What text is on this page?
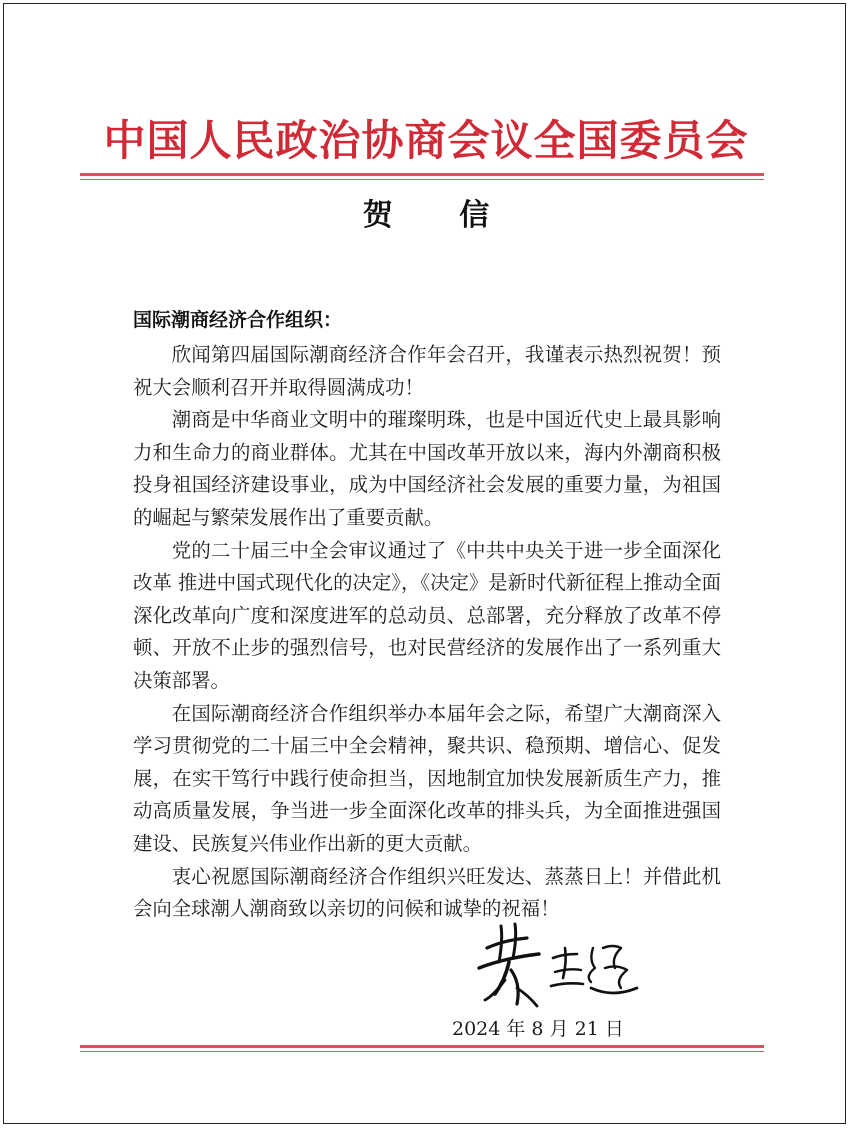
中国人民政治协商会议全国委员会
贺 信
国际潮商经济合作组织：

欣闻第四届国际潮商经济合作年会召开，我谨表示热烈祝贺！预祝大会顺利召开并取得圆满成功！

潮商是中华商业文明中的璀璨明珠，也是中国近代史上最具影响力和生命力的商业群体。尤其在中国改革开放以来，海内外潮商积极投身祖国经济建设事业，成为中国经济社会发展的重要力量，为祖国的崛起与繁荣发展作出了重要贡献。

党的二十届三中全会审议通过了《中共中央关于进一步全面深化改革 推进中国式现代化的决定》，《决定》是新时代新征程上推动全面深化改革向广度和深度进军的总动员、总部署，充分释放了改革不停顿、开放不止步的强烈信号，也对民营经济的发展作出了一系列重大决策部署。

在国际潮商经济合作组织举办本届年会之际，希望广大潮商深入学习贯彻党的二十届三中全会精神，聚共识、稳预期、增信心、促发展，在实干笃行中践行使命担当，因地制宜加快发展新质生产力，推动高质量发展，争当进一步全面深化改革的排头兵，为全面推进强国建设、民族复兴伟业作出新的更大贡献。

衷心祝愿国际潮商经济合作组织兴旺发达、蒸蒸日上！并借此机会向全球潮人潮商致以亲切的问候和诚挚的祝福！

2024 年 8 月 21 日
